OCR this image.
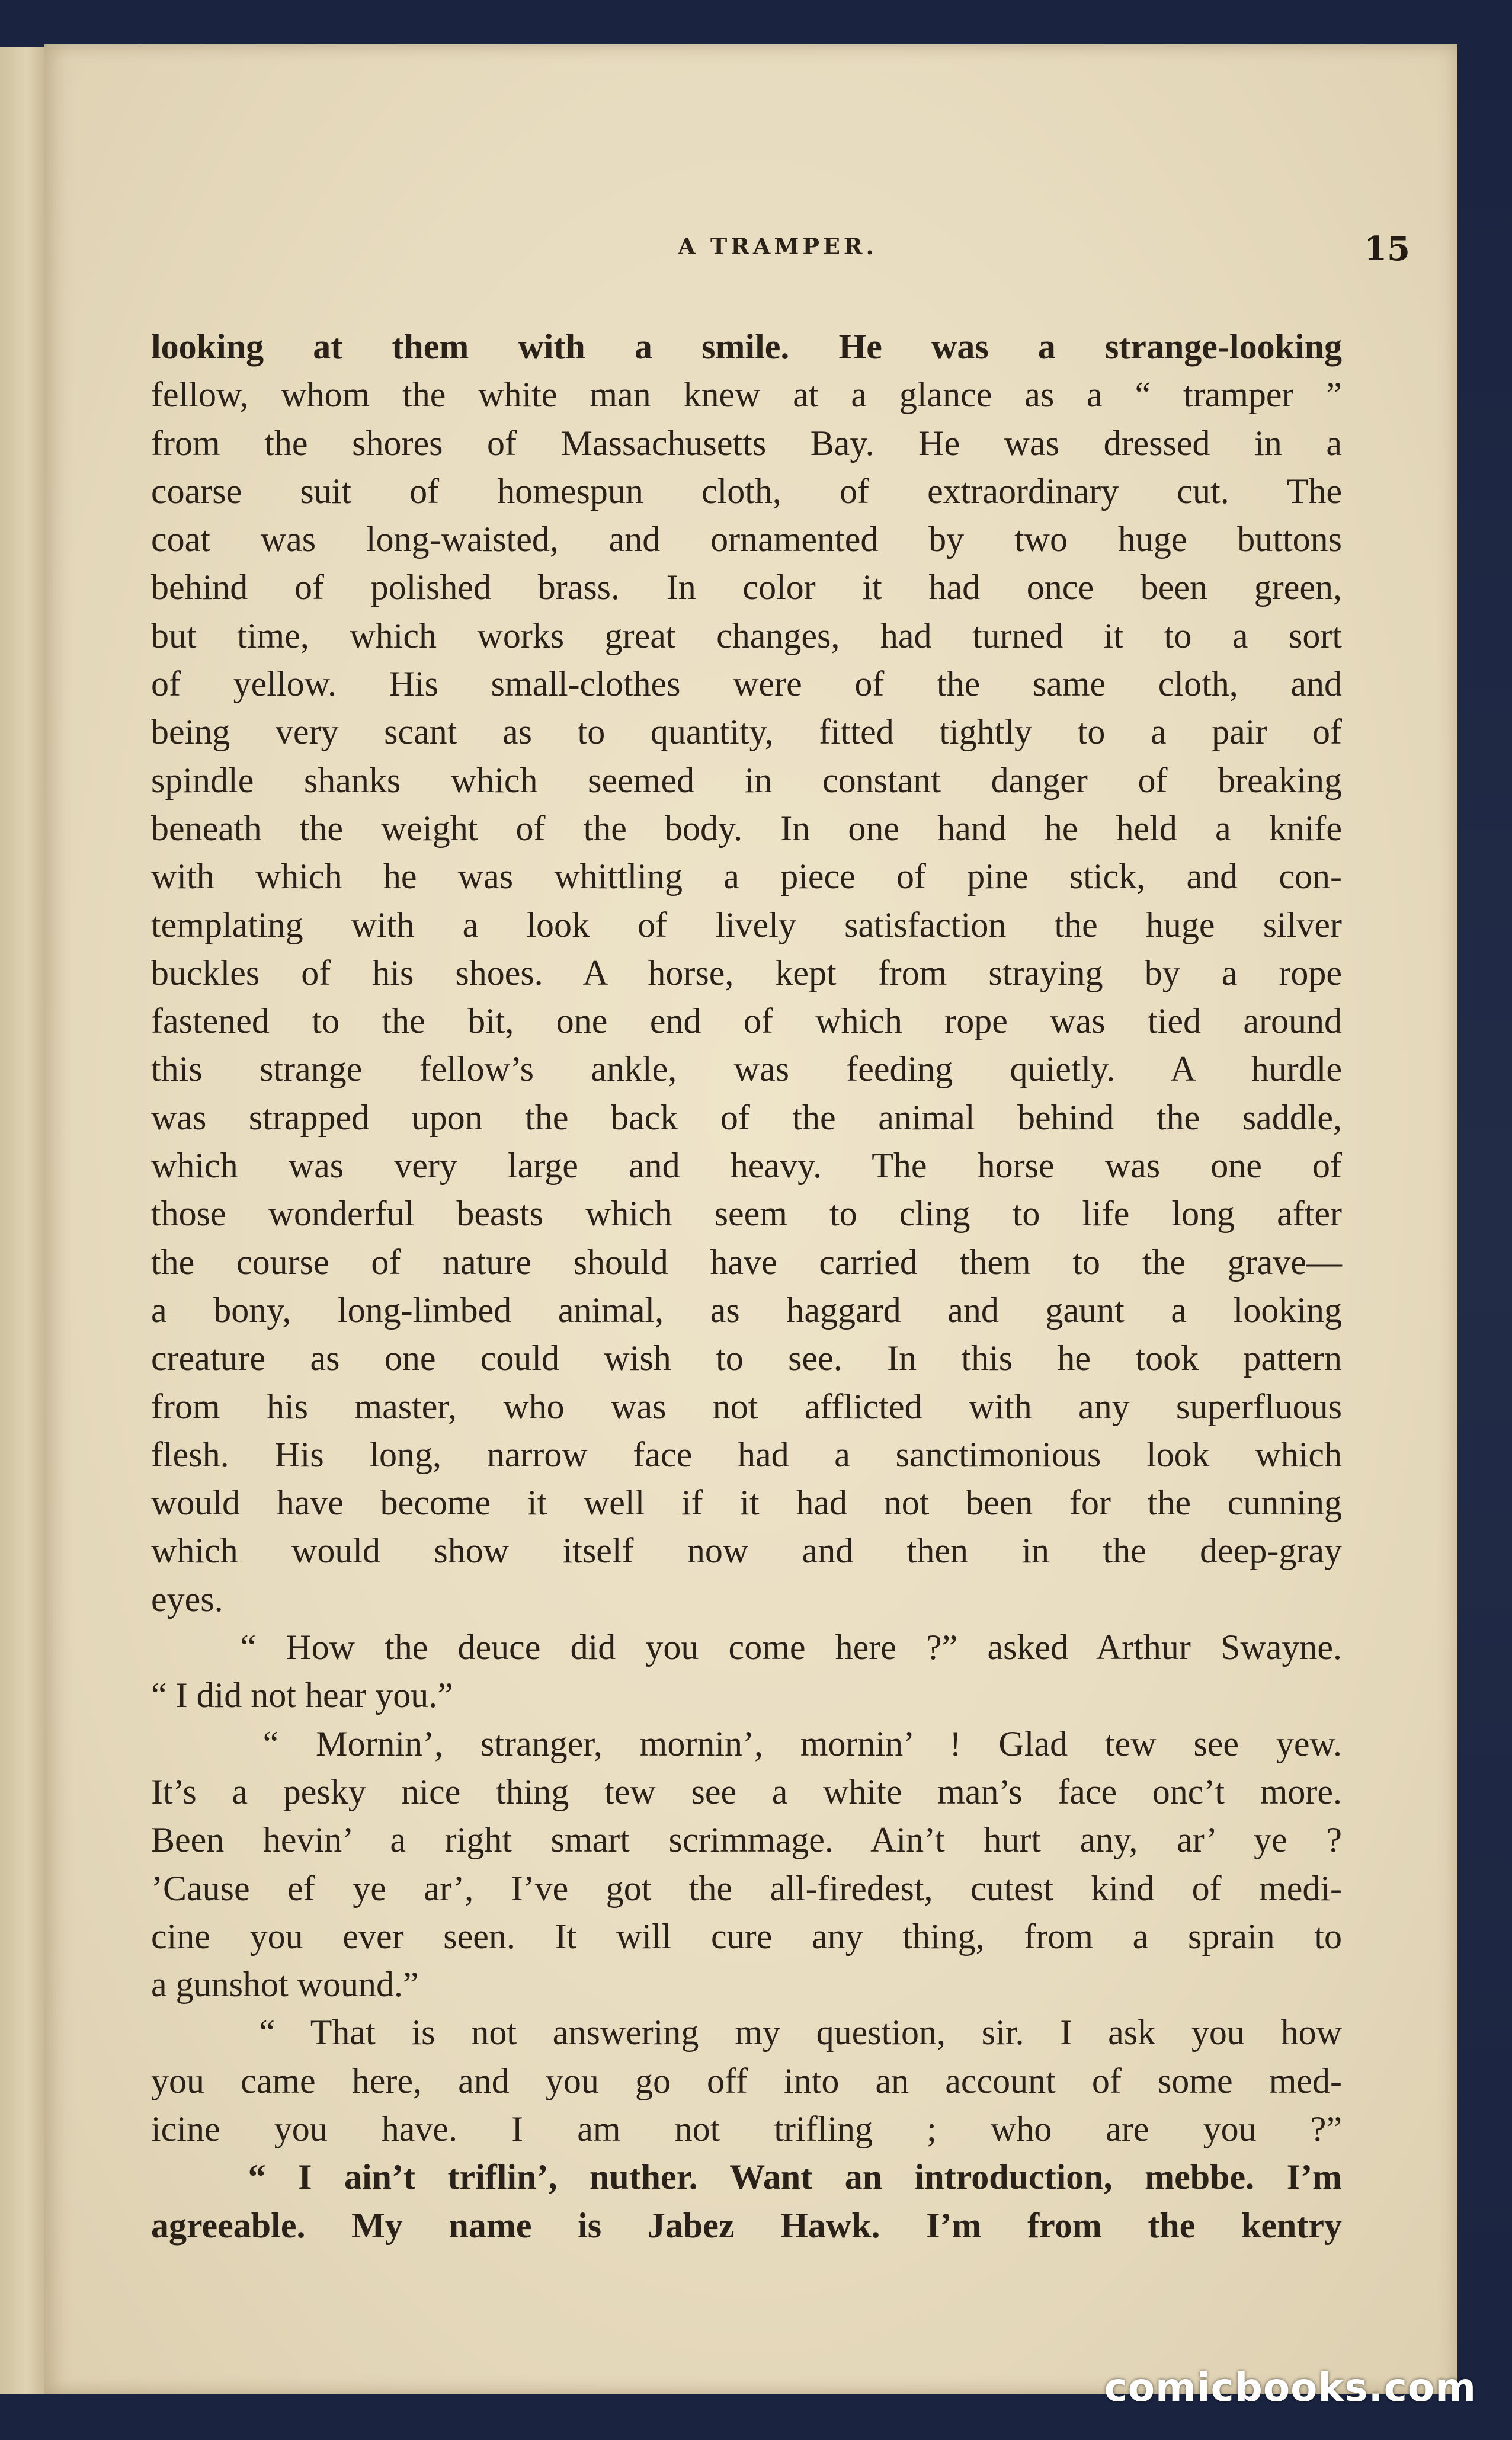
A TRAMPER.	15
looking at them with a smile. He was a strange-looking
fellow, whom the white man knew at a glance as a “ tramper ”
from the shores of Massachusetts Bay. He was dressed in a
coarse suit of homespun cloth, of extraordinary cut. The
coat was long-waisted, and ornamented by two huge buttons
behind of polished brass. In color it had once been green,
but time, which works great changes, had turned it to a sort
of yellow. His small-clothes were of the same cloth, and
being very scant as to quantity, fitted tightly to a pair of
spindle shanks which seemed in constant danger of breaking
beneath the weight of the body. In one hand he held a knife
with which he was whittling a piece of pine stick, and con-
templating with a look of lively satisfaction the huge silver
buckles of his shoes. A horse, kept from straying by a rope
fastened to the bit, one end of which rope was tied around
this strange fellow’s ankle, was feeding quietly. A hurdle
was strapped upon the back of the animal behind the saddle,
which was very large and heavy. The horse was one of
those wonderful beasts which seem to cling to life long after
the course of nature should have carried them to the grave—
a bony, long-limbed animal, as haggard and gaunt a looking
creature as one could wish to see. In this he took pattern
from his master, who was not afflicted with any superfluous
flesh. His long, narrow face had a sanctimonious look which
would have become it well if it had not been for the cunning
which would show itself now and then in the deep-gray
eyes.
“ How the deuce did you come here ?” asked Arthur Swayne.
“ I did not hear you.”
“ Mornin’, stranger, mornin’, mornin’ ! Glad tew see yew.
It’s a pesky nice thing tew see a white man’s face onc’t more.
Been hevin’ a right smart scrimmage. Ain’t hurt any, ar’ ye ?
’Cause ef ye ar’, I’ve got the all-firedest, cutest kind of medi-
cine you ever seen. It will cure any thing, from a sprain to
a gunshot wound.”
“ That is not answering my question, sir. I ask you how
you came here, and you go off into an account of some med-
icine you have. I am not trifling ; who are you ?”
“ I ain’t triflin’, nuther. Want an introduction, mebbe. I’m
agreeable. My name is Jabez Hawk. I’m from the kentry
comicbooks.com
